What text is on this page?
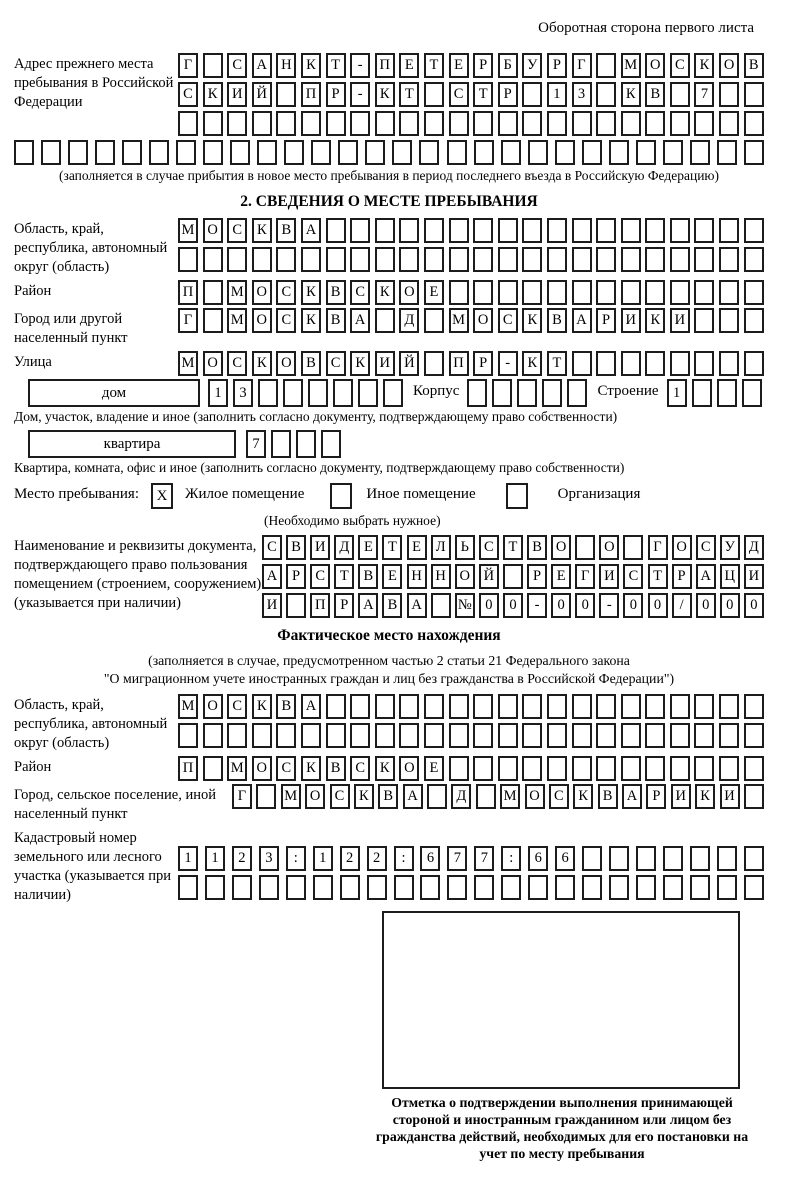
Оборотная сторона первого листа
Адрес прежнего места пребывания в Российской Федерации
Г	С	А Н	К	Т	-	П	Е	Т	Е	Р	Б	У	Р	Г	М О	С	К	О	В
С	К	И Й	П	Р	-	К	Т	С	Т	Р	1	3	К	В	7
(заполняется в случае прибытия в новое место пребывания в период последнего въезда в Российскую Федерацию)
2. СВЕДЕНИЯ О МЕСТЕ ПРЕБЫВАНИЯ
Область, край, республика, автономный округ (область)
М О	С	К	В	А
Район	П	М О	С	К	В	С	К	О	Е
Город или другой населенный пункт
Г	М О	С	К	В	А	Д	М О	С	К	В	А	Р	И	К	И
Улица	М О	С	К	О	В	С	К	И Й	П	Р	-	К	Т
дом	1	3	Корпус	Строение 1
Дом, участок, владение и иное (заполнить согласно документу, подтверждающему право собственности)
квартира	7
Квартира, комната, офис и иное (заполнить согласно документу, подтверждающему право собственности)
Место пребывания:	X	Жилое помещение	Иное помещение	Организация
(Необходимо выбрать нужное)
Наименование и реквизиты документа, подтверждающего право пользования помещением (строением, сооружением) (указывается при наличии)
С В И Д	Е	Т	Е	Л	Ь	С	Т	В О	О	Г	О С У Д
А	Р	С	Т	В	Е Н Н О Й	Р	Е	Г	И С	Т	Р	А Ц И
И	П	Р	А В А	№ 0	0	-	0	0	-	0	0	/	0	0	0
Фактическое место нахождения
(заполняется в случае, предусмотренном частью 2 статьи 21 Федерального закона
"О миграционном учете иностранных граждан и лиц без гражданства в Российской Федерации")
Область, край, республика, автономный округ (область)
М О	С	К	В	А
Район	П	М О	С	К	В	С	К	О	Е
Город, сельское поселение, иной населенный пункт
Г	М О С	К	В А	Д	М О С	К	В А	Р	И К И
Кадастровый номер земельного или лесного участка (указывается при наличии)
1	1	2	3	:	1	2	2	:	6	7	7	:	6	6
Отметка о подтверждении выполнения принимающей стороной и иностранным гражданином или лицом без гражданства действий, необходимых для его постановки на учет по месту пребывания
